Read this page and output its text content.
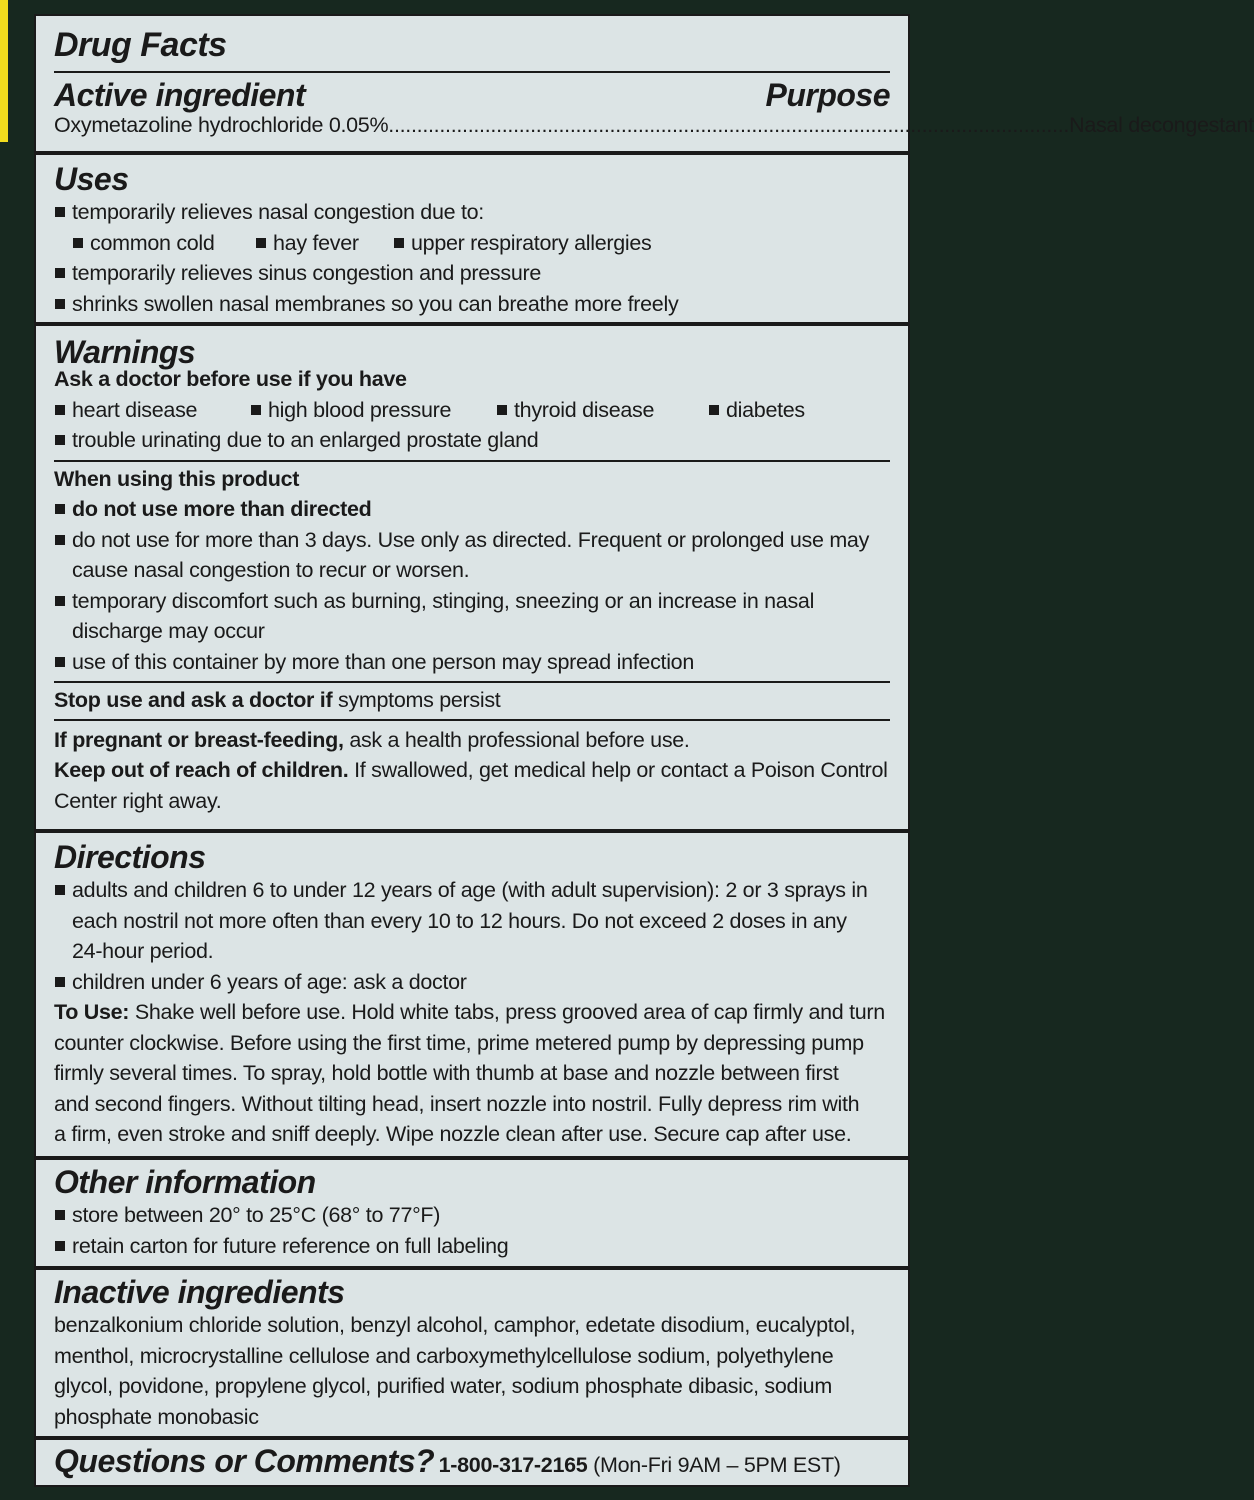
Drug Facts
Active ingredient	Purpose
Oxymetazoline hydrochloride 0.05% ........................................................................................................................ Nasal decongestant
Uses
temporarily relieves nasal congestion due to:
common cold	hay fever upper respiratory allergies
temporarily relieves sinus congestion and pressure
shrinks swollen nasal membranes so you can breathe more freely
Warnings
Ask a doctor before use if you have
heart disease	high blood pressure	thyroid disease	diabetes
trouble urinating due to an enlarged prostate gland
When using this product
do not use more than directed
do not use for more than 3 days. Use only as directed. Frequent or prolonged use may
cause nasal congestion to recur or worsen.
temporary discomfort such as burning, stinging, sneezing or an increase in nasal
discharge may occur
use of this container by more than one person may spread infection
Stop use and ask a doctor if symptoms persist
If pregnant or breast-feeding, ask a health professional before use.
Keep out of reach of children. If swallowed, get medical help or contact a Poison Control
Center right away.
Directions
adults and children 6 to under 12 years of age (with adult supervision): 2 or 3 sprays in
each nostril not more often than every 10 to 12 hours. Do not exceed 2 doses in any
24-hour period.
children under 6 years of age: ask a doctor
To Use: Shake well before use. Hold white tabs, press grooved area of cap firmly and turn
counter clockwise. Before using the first time, prime metered pump by depressing pump
firmly several times. To spray, hold bottle with thumb at base and nozzle between first
and second fingers. Without tilting head, insert nozzle into nostril. Fully depress rim with
a firm, even stroke and sniff deeply. Wipe nozzle clean after use. Secure cap after use.
Other information
store between 20° to 25°C (68° to 77°F)
retain carton for future reference on full labeling
Inactive ingredients
benzalkonium chloride solution, benzyl alcohol, camphor, edetate disodium, eucalyptol,
menthol, microcrystalline cellulose and carboxymethylcellulose sodium, polyethylene
glycol, povidone, propylene glycol, purified water, sodium phosphate dibasic, sodium
phosphate monobasic
Questions or Comments? 1-800-317-2165 (Mon-Fri 9AM – 5PM EST)
